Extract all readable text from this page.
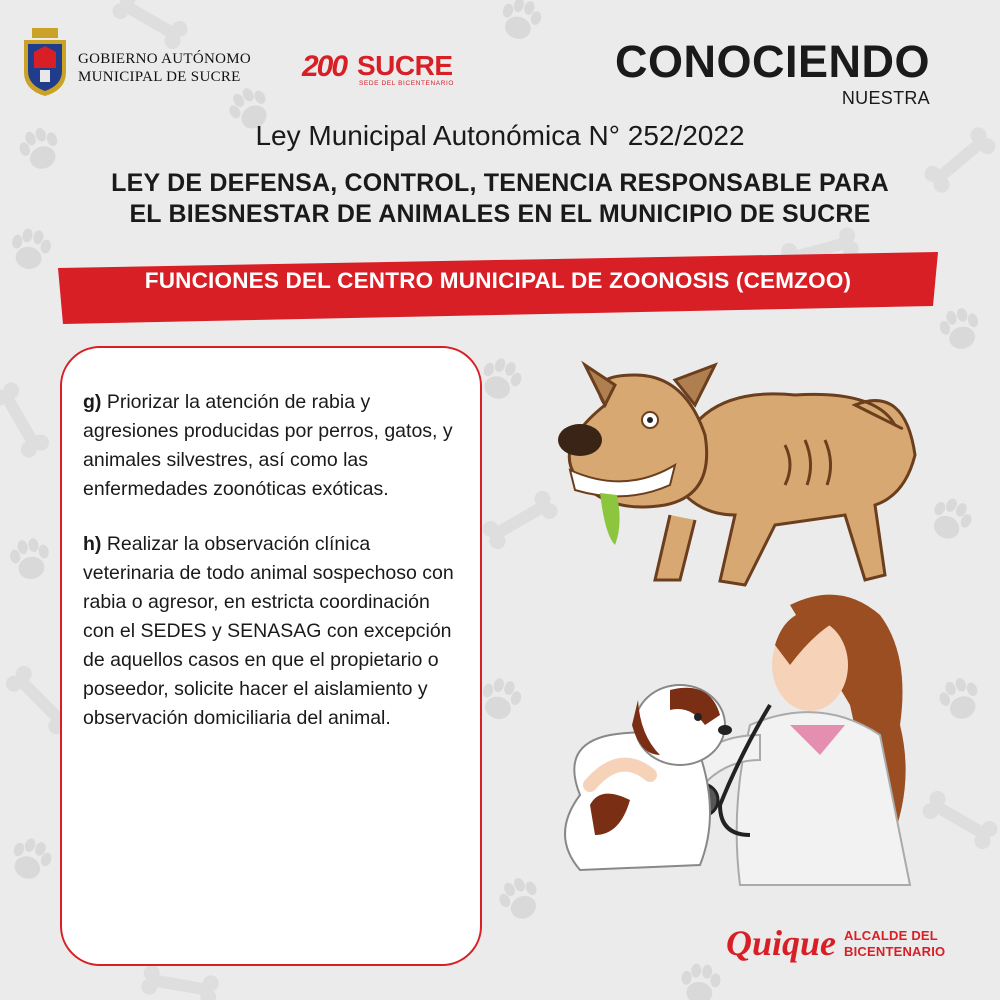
GOBIERNO AUTÓNOMO
MUNICIPAL DE SUCRE	200 SUCRE
SEDE DEL BICENTENARIO	CONOCIENDO
NUESTRA
Ley Municipal Autonómica N° 252/2022
LEY DE DEFENSA, CONTROL, TENENCIA RESPONSABLE PARA
EL BIESNESTAR DE ANIMALES EN EL MUNICIPIO DE SUCRE
FUNCIONES DEL CENTRO MUNICIPAL DE ZOONOSIS (CEMZOO)

g) Priorizar la atención de rabia y agresiones producidas por perros, gatos, y animales silvestres, así como las enfermedades zoonóticas exóticas.

h) Realizar la observación clínica veterinaria de todo animal sospechoso con rabia o agresor, en estricta coordinación con el SEDES y SENASAG con excepción de aquellos casos en que el propietario o poseedor, solicite hacer el aislamiento y observación domiciliaria del animal.

Quique ALCALDE DEL
BICENTENARIO
